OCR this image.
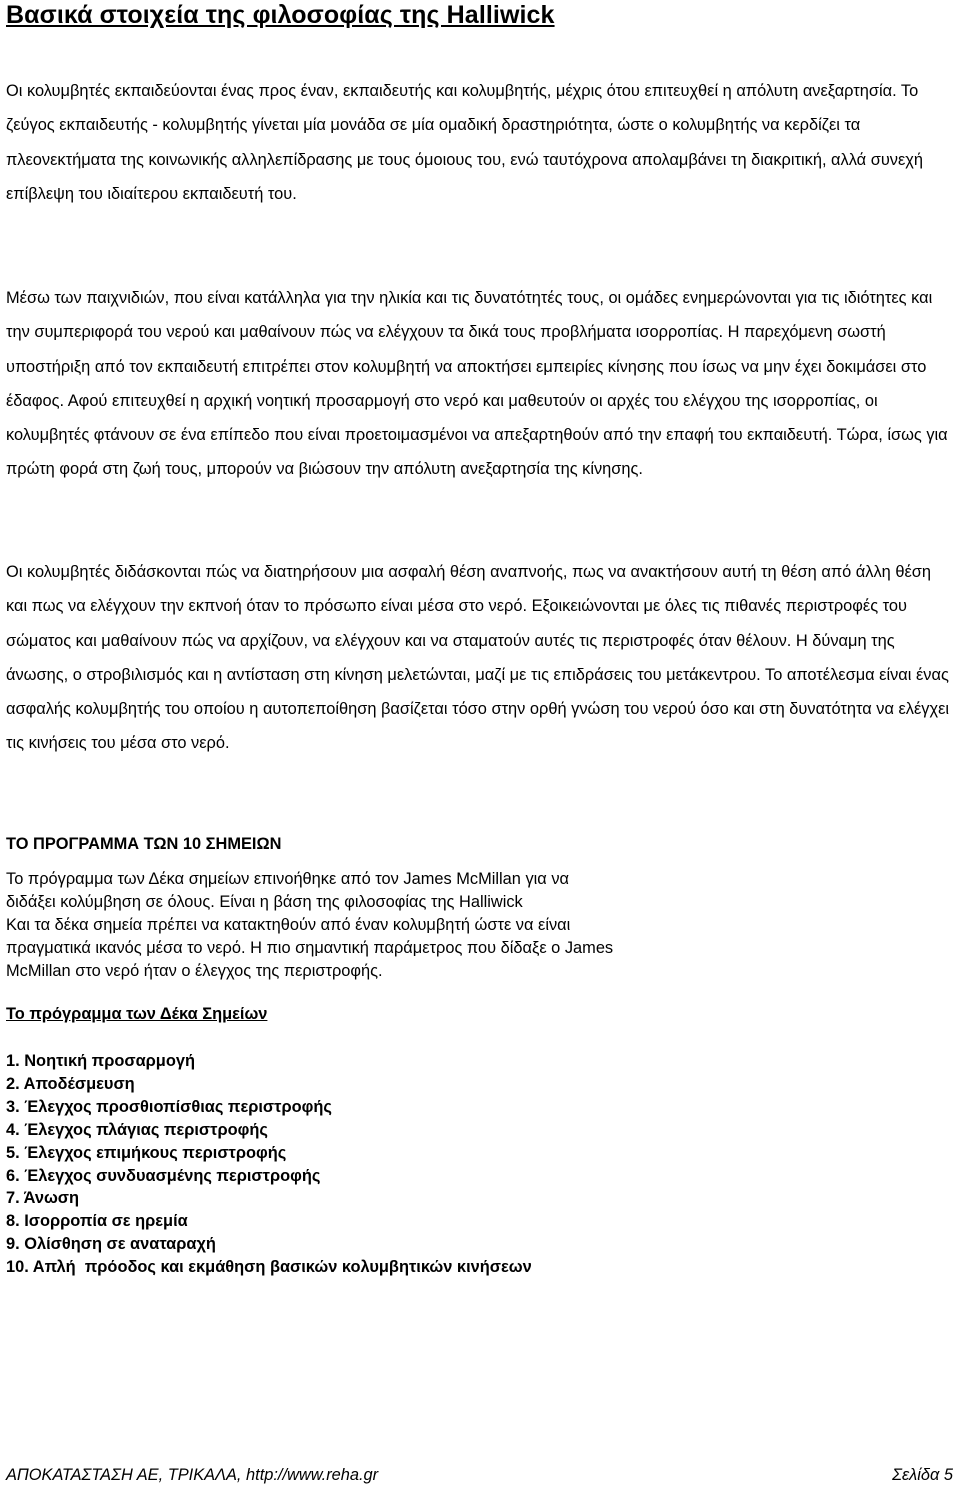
Βασικά στοιχεία της φιλοσοφίας της Halliwick

Οι κολυμβητές εκπαιδεύονται ένας προς έναν, εκπαιδευτής και κολυμβητής, μέχρις ότου επιτευχθεί η απόλυτη ανεξαρτησία. Το ζεύγος εκπαιδευτής - κολυμβητής γίνεται μία μονάδα σε μία ομαδική δραστηριότητα, ώστε ο κολυμβητής να κερδίζει τα πλεονεκτήματα της κοινωνικής αλληλεπίδρασης με τους όμοιους του, ενώ ταυτόχρονα απολαμβάνει τη διακριτική, αλλά συνεχή επίβλεψη του ιδιαίτερου εκπαιδευτή του.

Μέσω των παιχνιδιών, που είναι κατάλληλα για την ηλικία και τις δυνατότητές τους, οι ομάδες ενημερώνονται για τις ιδιότητες και την συμπεριφορά του νερού και μαθαίνουν πώς να ελέγχουν τα δικά τους προβλήματα ισορροπίας. Η παρεχόμενη σωστή υποστήριξη από τον εκπαιδευτή επιτρέπει στον κολυμβητή να αποκτήσει εμπειρίες κίνησης που ίσως να μην έχει δοκιμάσει στο έδαφος. Αφού επιτευχθεί η αρχική νοητική προσαρμογή στο νερό και μαθευτούν οι αρχές του ελέγχου της ισορροπίας, οι κολυμβητές φτάνουν σε ένα επίπεδο που είναι προετοιμασμένοι να απεξαρτηθούν από την επαφή του εκπαιδευτή. Τώρα, ίσως για πρώτη φορά στη ζωή τους, μπορούν να βιώσουν την απόλυτη ανεξαρτησία της κίνησης.

Οι κολυμβητές διδάσκονται πώς να διατηρήσουν μια ασφαλή θέση αναπνοής, πως να ανακτήσουν αυτή τη θέση από άλλη θέση και πως να ελέγχουν την εκπνοή όταν το πρόσωπο είναι μέσα στο νερό. Εξοικειώνονται με όλες τις πιθανές περιστροφές του σώματος και μαθαίνουν πώς να αρχίζουν, να ελέγχουν και να σταματούν αυτές τις περιστροφές όταν θέλουν. Η δύναμη της άνωσης, ο στροβιλισμός και η αντίσταση στη κίνηση μελετώνται, μαζί με τις επιδράσεις του μετάκεντρου. Το αποτέλεσμα είναι ένας ασφαλής κολυμβητής του οποίου η αυτοπεποίθηση βασίζεται τόσο στην ορθή γνώση του νερού όσο και στη δυνατότητα να ελέγχει τις κινήσεις του μέσα στο νερό.

ΤΟ ΠΡΟΓΡΑΜΜΑ ΤΩΝ 10 ΣΗΜΕΙΩΝ
Το πρόγραμμα των Δέκα σημείων επινοήθηκε από τον James McMillan για να
διδάξει κολύμβηση σε όλους. Είναι η βάση της φιλοσοφίας της Halliwick
Και τα δέκα σημεία πρέπει να κατακτηθούν από έναν κολυμβητή ώστε να είναι
πραγματικά ικανός μέσα το νερό. Η πιο σημαντική παράμετρος που δίδαξε ο James
McMillan στο νερό ήταν ο έλεγχος της περιστροφής.
Το πρόγραμμα των Δέκα Σημείων
1. Νοητική προσαρμογή
2. Αποδέσμευση
3. Έλεγχος προσθιοπίσθιας περιστροφής
4. Έλεγχος πλάγιας περιστροφής
5. Έλεγχος επιμήκους περιστροφής
6. Έλεγχος συνδυασμένης περιστροφής
7. Άνωση
8. Ισορροπία σε ηρεμία
9. Ολίσθηση σε αναταραχή
10. Απλή  πρόοδος και εκμάθηση βασικών κολυμβητικών κινήσεων
ΑΠΟΚΑΤΑΣΤΑΣΗ ΑΕ, ΤΡΙΚΑΛΑ, http://www.reha.gr	Σελίδα 5
